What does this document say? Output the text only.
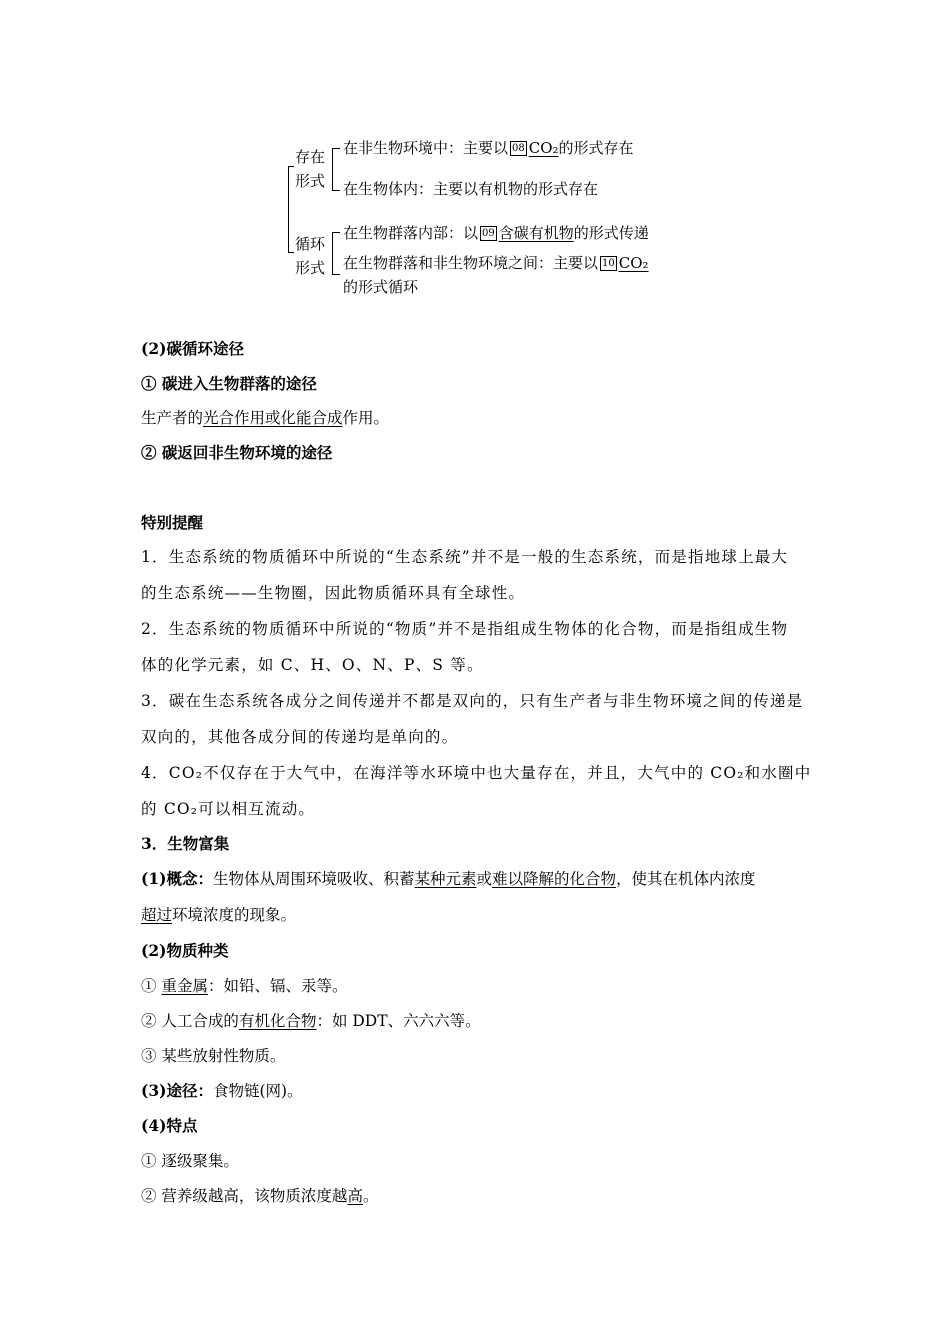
存在
形式
循环
形式
在非生物环境中：主要以 08 CO₂的形式存在
在生物体内：主要以有机物的形式存在
在生物群落内部：以 09 含碳有机物的形式传递
在生物群落和非生物环境之间：主要以 10 CO₂
的形式循环
(2)碳循环途径
① 碳进入生物群落的途径
生产者的光合作用或化能合成作用。
② 碳返回非生物环境的途径
特别提醒
1．生态系统的物质循环中所说的“生态系统”并不是一般的生态系统，而是指地球上最大
的生态系统——生物圈，因此物质循环具有全球性。
2．生态系统的物质循环中所说的“物质”并不是指组成生物体的化合物，而是指组成生物
体的化学元素，如 C、H、O、N、P、S 等。
3．碳在生态系统各成分之间传递并不都是双向的，只有生产者与非生物环境之间的传递是
双向的，其他各成分间的传递均是单向的。
4．CO₂不仅存在于大气中，在海洋等水环境中也大量存在，并且，大气中的 CO₂和水圈中
的 CO₂可以相互流动。
3．生物富集
(1)概念：生物体从周围环境吸收、积蓄某种元素或难以降解的化合物，使其在机体内浓度
超过环境浓度的现象。
(2)物质种类
① 重金属：如铅、镉、汞等。
② 人工合成的有机化合物：如 DDT、六六六等。
③ 某些放射性物质。
(3)途径：食物链(网)。
(4)特点
① 逐级聚集。
② 营养级越高，该物质浓度越高。
